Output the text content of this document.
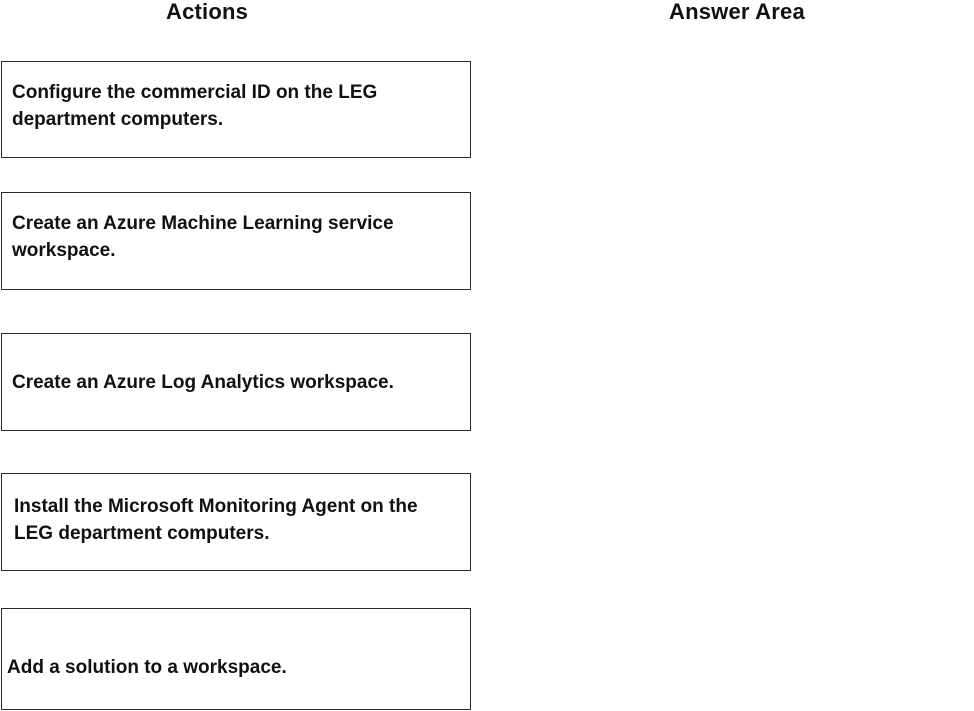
Actions	Answer Area
Configure the commercial ID on the LEG department computers.
Create an Azure Machine Learning service workspace.
Create an Azure Log Analytics workspace.
Install the Microsoft Monitoring Agent on the LEG department computers.
Add a solution to a workspace.
